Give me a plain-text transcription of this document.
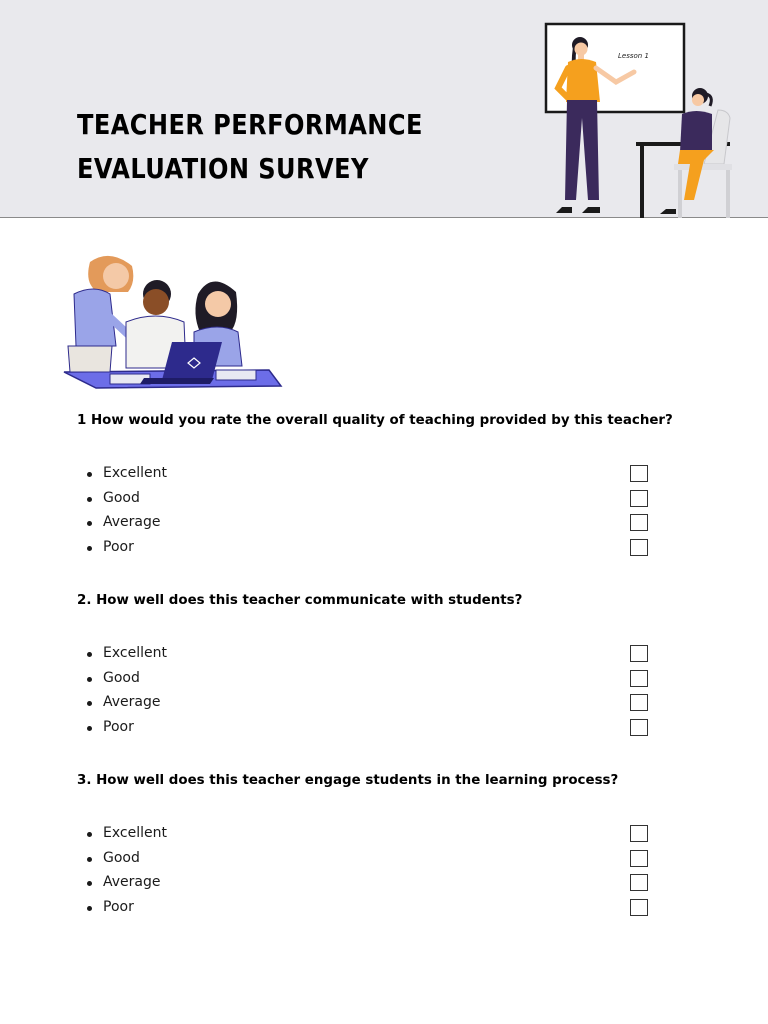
TEACHER PERFORMANCE
EVALUATION SURVEY
Lesson 1

1 How would you rate the overall quality of teaching provided by this teacher?

Excellent
Good
Average
Poor

2. How well does this teacher communicate with students?

Excellent
Good
Average
Poor

3. How well does this teacher engage students in the learning process?

Excellent
Good
Average
Poor
